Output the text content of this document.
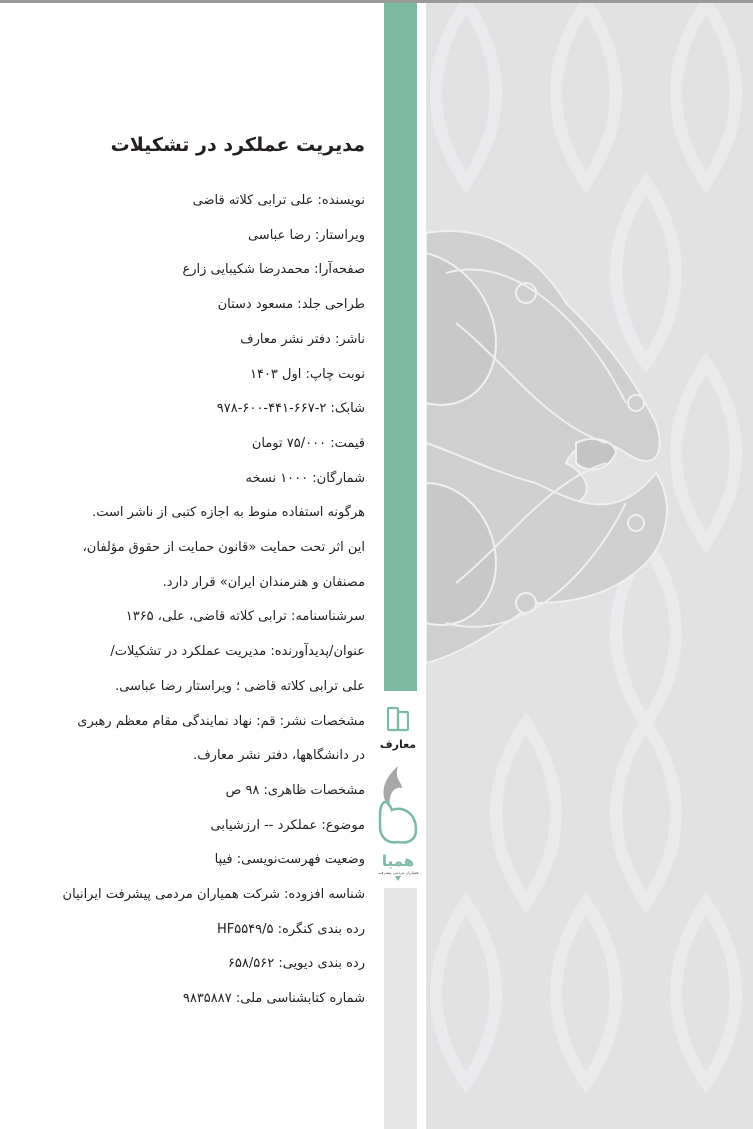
مدیریت عملکرد در تشکیلات
نویسنده: علی ترابی کلاته قاضی
ویراستار: رضا عباسی
صفحه‌آرا: محمدرضا شکیبایی زارع
طراحی جلد: مسعود دستان
ناشر: دفتر نشر معارف
نوبت چاپ: اول ۱۴۰۳
شابک: ۲-۶۶۷-۴۴۱-۶۰۰-۹۷۸
قیمت: ۷۵/۰۰۰ تومان
شمارگان: ۱۰۰۰ نسخه
هرگونه استفاده منوط به اجازه کتبی از ناشر است.
این اثر تحت حمایت «قانون حمایت از حقوق مؤلفان،
مصنفان و هنرمندان ایران» قرار دارد.
سرشناسنامه: ترابی کلاته قاضی، علی، ۱۳۶۵
عنوان/پدیدآورنده: مدیریت عملکرد در تشکیلات/
علی ترابی کلاته قاضی ؛ ویراستار رضا عباسی.
مشخصات نشر: قم: نهاد نمایندگی مقام معظم رهبری
در دانشگاهها، دفتر نشر معارف.
مشخصات ظاهری: ۹۸ ص
موضوع: عملکرد -- ارزشیابی
وضعیت فهرست‌نویسی: فیپا
شناسه افزوده: شرکت همیاران مردمی پیشرفت ایرانیان
رده بندی کنگره: HF۵۵۴۹/۵
رده بندی دیویی: ۶۵۸/۵۶۲
شماره کتابشناسی ملی: ۹۸۳۵۸۸۷
معارف
همیا
همیاران مردمی پیشرفت
